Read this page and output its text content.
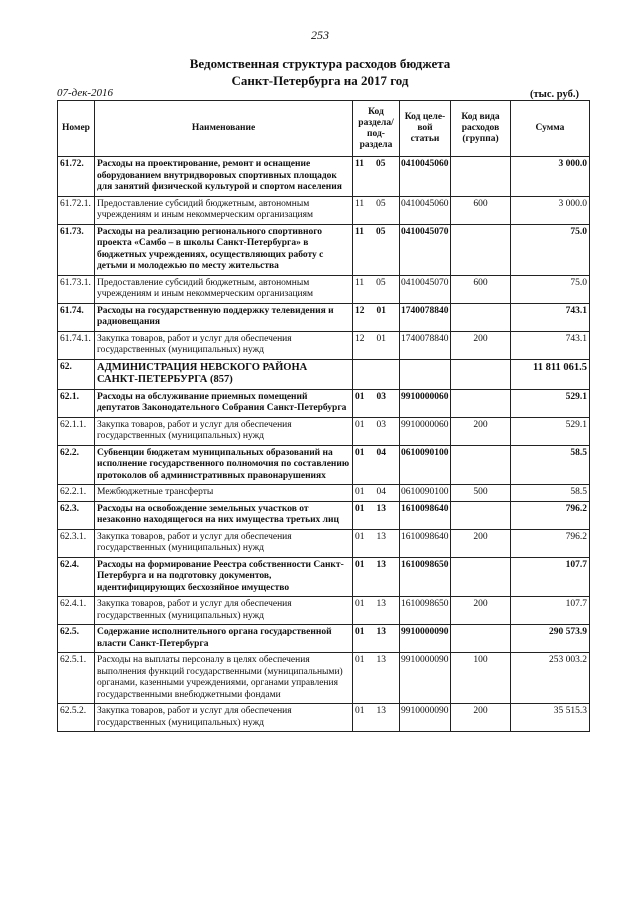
253
Ведомственная структура расходов бюджета
Санкт-Петербурга на 2017 год
07-дек-2016	(тыс. руб.)
Номер	Наименование	Код раздела/ под- раздела	Код целе- вой статьи	Код вида расходов (группа)	Сумма
61.72.	Расходы на проектирование, ремонт и оснащение оборудованием внутридворовых спортивных площадок для занятий физической культурой и спортом населения	11 05	0410045060		3 000.0
61.72.1.	Предоставление субсидий бюджетным, автономным учреждениям и иным некоммерческим организациям	11 05	0410045060	600	3 000.0
61.73.	Расходы на реализацию регионального спортивного проекта «Самбо – в школы Санкт-Петербурга» в бюджетных учреждениях, осуществляющих работу с детьми и молодежью по месту жительства	11 05	0410045070		75.0
61.73.1.	Предоставление субсидий бюджетным, автономным учреждениям и иным некоммерческим организациям	11 05	0410045070	600	75.0
61.74.	Расходы на государственную поддержку телевидения и радиовещания	12 01	1740078840		743.1
61.74.1.	Закупка товаров, работ и услуг для обеспечения государственных (муниципальных) нужд	12 01	1740078840	200	743.1
62.	АДМИНИСТРАЦИЯ НЕВСКОГО РАЙОНА САНКТ-ПЕТЕРБУРГА (857)				11 811 061.5
62.1.	Расходы на обслуживание приемных помещений депутатов Законодательного Собрания Санкт-Петербурга	01 03	9910000060		529.1
62.1.1.	Закупка товаров, работ и услуг для обеспечения государственных (муниципальных) нужд	01 03	9910000060	200	529.1
62.2.	Субвенции бюджетам муниципальных образований на исполнение государственного полномочия по составлению протоколов об административных правонарушениях	01 04	0610090100		58.5
62.2.1.	Межбюджетные трансферты	01 04	0610090100	500	58.5
62.3.	Расходы на освобождение земельных участков от незаконно находящегося на них имущества третьих лиц	01 13	1610098640		796.2
62.3.1.	Закупка товаров, работ и услуг для обеспечения государственных (муниципальных) нужд	01 13	1610098640	200	796.2
62.4.	Расходы на формирование Реестра собственности Санкт-Петербурга и на подготовку документов, идентифицирующих бесхозяйное имущество	01 13	1610098650		107.7
62.4.1.	Закупка товаров, работ и услуг для обеспечения государственных (муниципальных) нужд	01 13	1610098650	200	107.7
62.5.	Содержание исполнительного органа государственной власти Санкт-Петербурга	01 13	9910000090		290 573.9
62.5.1.	Расходы на выплаты персоналу в целях обеспечения выполнения функций государственными (муниципальными) органами, казенными учреждениями, органами управления государственными внебюджетными фондами	01 13	9910000090	100	253 003.2
62.5.2.	Закупка товаров, работ и услуг для обеспечения государственных (муниципальных) нужд	01 13	9910000090	200	35 515.3
